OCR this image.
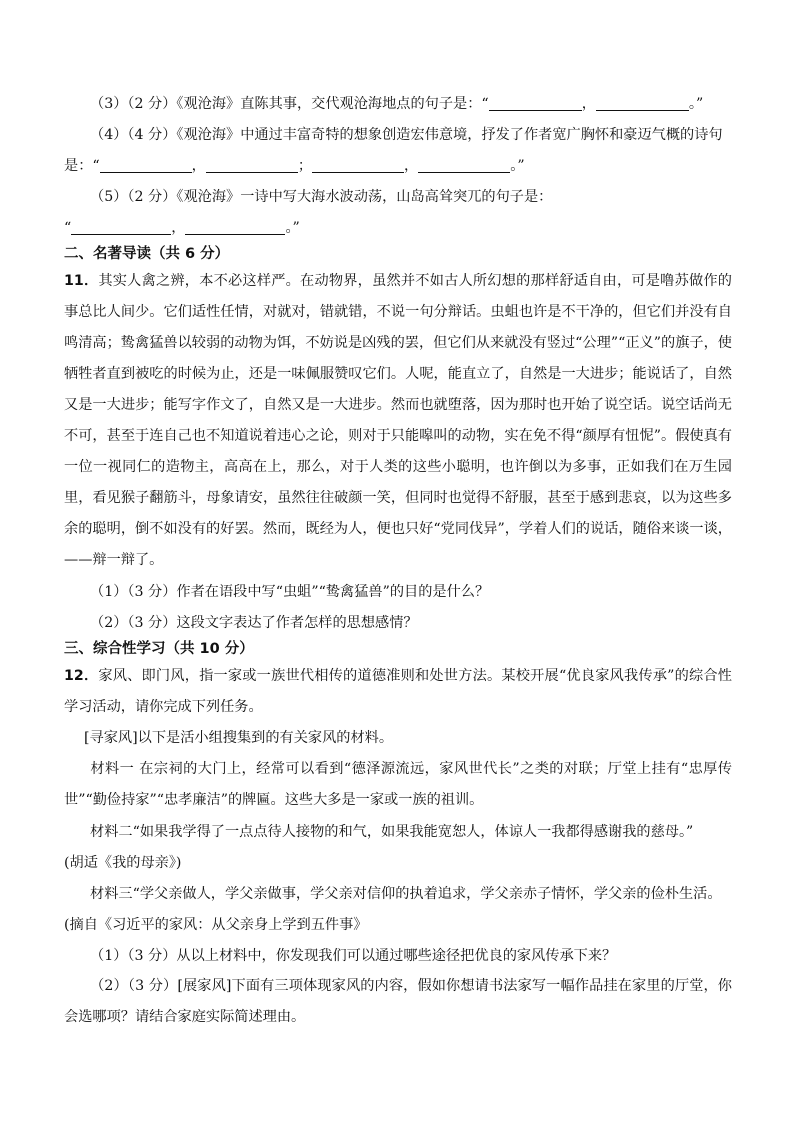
（3）（2 分）《观沧海》直陈其事，交代观沧海地点的句子是：“	，	。”
（4）（4 分）《观沧海》中通过丰富奇特的想象创造宏伟意境，抒发了作者宽广胸怀和豪迈气概的诗句
是：“	，	；	，	。”
（5）（2 分）《观沧海》一诗中写大海水波动荡，山岛高耸突兀的句子是：
“	，	。”
二、名著导读（共 6 分）
11．其实人禽之辨，本不必这样严。在动物界，虽然并不如古人所幻想的那样舒适自由，可是噜苏做作的事总比人间少。它们适性任情，对就对，错就错，不说一句分辩话。虫蛆也许是不干净的，但它们并没有自鸣清高；鸷禽猛兽以较弱的动物为饵，不妨说是凶残的罢，但它们从来就没有竖过“公理”“正义”的旗子，使牺牲者直到被吃的时候为止，还是一味佩服赞叹它们。人呢，能直立了，自然是一大进步；能说话了，自然又是一大进步；能写字作文了，自然又是一大进步。然而也就堕落，因为那时也开始了说空话。说空话尚无不可，甚至于连自己也不知道说着违心之论，则对于只能嗥叫的动物，实在免不得“颜厚有忸怩”。假使真有一位一视同仁的造物主，高高在上，那么，对于人类的这些小聪明，也许倒以为多事，正如我们在万生园里，看见猴子翻筋斗，母象请安，虽然往往破颜一笑，但同时也觉得不舒服，甚至于感到悲哀，以为这些多余的聪明，倒不如没有的好罢。然而，既经为人，便也只好“党同伐异”，学着人们的说话，随俗来谈一谈，——辩一辩了。
（1）（3 分）作者在语段中写“虫蛆”“鸷禽猛兽”的目的是什么？
（2）（3 分）这段文字表达了作者怎样的思想感情？
三、综合性学习（共 10 分）
12．家风、即门风，指一家或一族世代相传的道德准则和处世方法。某校开展“优良家风我传承”的综合性学习活动，请你完成下列任务。
[寻家风]以下是活小组搜集到的有关家风的材料。
材料一 在宗祠的大门上，经常可以看到“德泽源流远，家风世代长”之类的对联；厅堂上挂有“忠厚传世”“勤俭持家”“忠孝廉洁”的牌匾。这些大多是一家或一族的祖训。
材料二“如果我学得了一点点待人接物的和气，如果我能宽恕人，体谅人一我都得感谢我的慈母。”
(胡适《我的母亲》)
材料三“学父亲做人，学父亲做事，学父亲对信仰的执着追求，学父亲赤子情怀，学父亲的俭朴生活。
(摘自《习近平的家风：从父亲身上学到五件事》
（1）（3 分）从以上材料中，你发现我们可以通过哪些途径把优良的家风传承下来？
（2）（3 分）[展家风]下面有三项体现家风的内容，假如你想请书法家写一幅作品挂在家里的厅堂，你会选哪项？请结合家庭实际简述理由。
